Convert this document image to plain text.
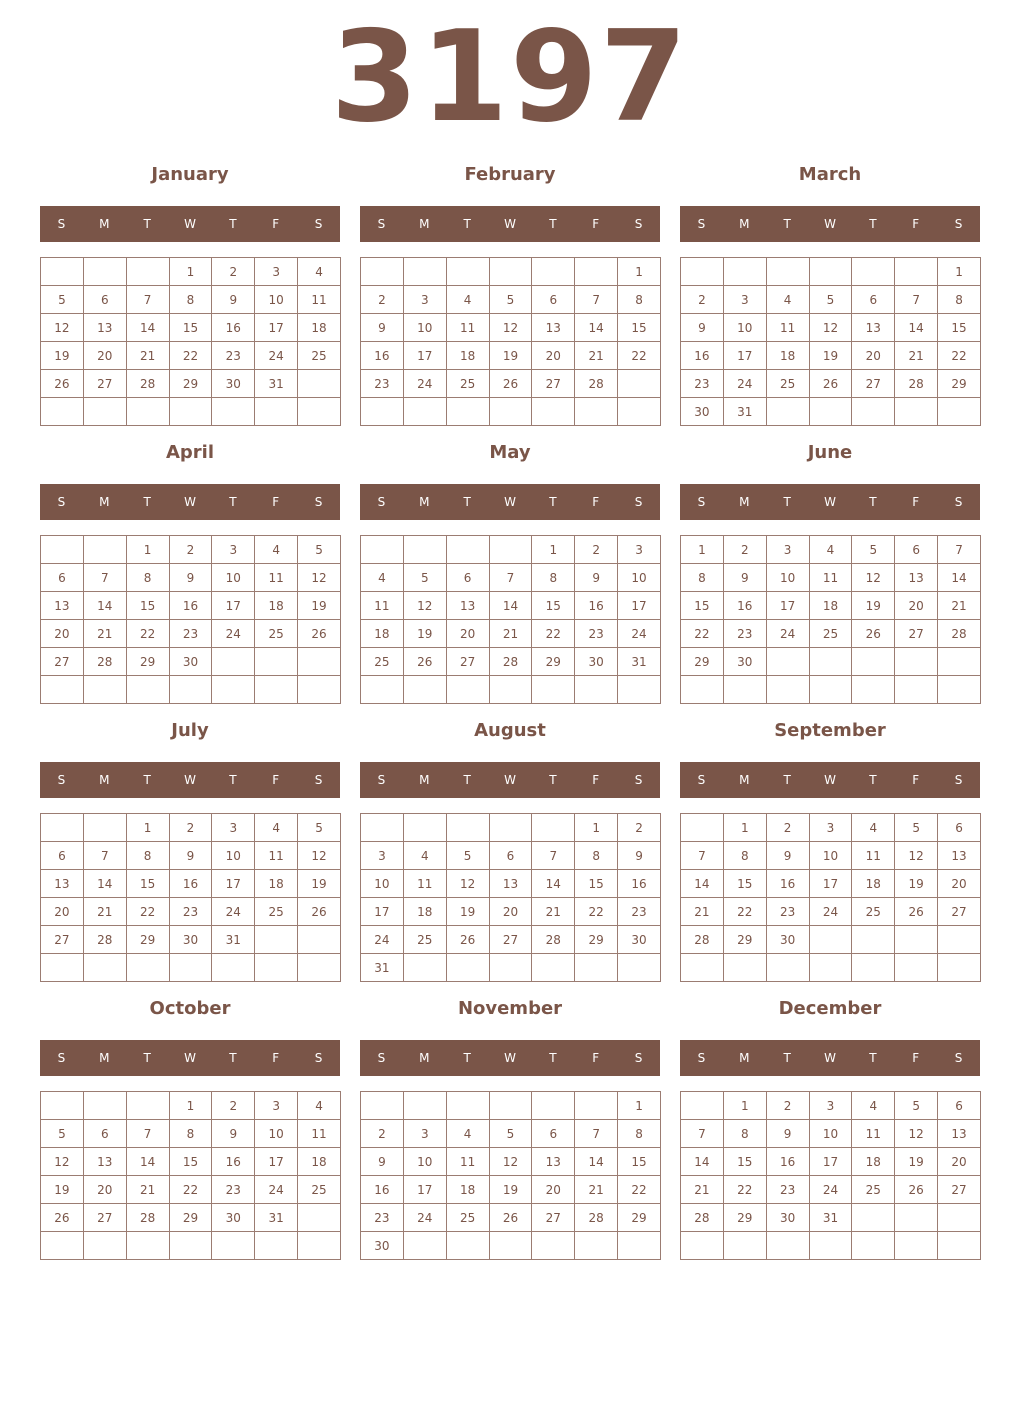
3197
January
S	M	T	W	T	F	S
			1	2	3	4
5	6	7	8	9	10	11
12	13	14	15	16	17	18
19	20	21	22	23	24	25
26	27	28	29	30	31	

February
S	M	T	W	T	F	S
						1
2	3	4	5	6	7	8
9	10	11	12	13	14	15
16	17	18	19	20	21	22
23	24	25	26	27	28	

March
S	M	T	W	T	F	S
						1
2	3	4	5	6	7	8
9	10	11	12	13	14	15
16	17	18	19	20	21	22
23	24	25	26	27	28	29
30	31					
April
S	M	T	W	T	F	S
		1	2	3	4	5
6	7	8	9	10	11	12
13	14	15	16	17	18	19
20	21	22	23	24	25	26
27	28	29	30			

May
S	M	T	W	T	F	S
				1	2	3
4	5	6	7	8	9	10
11	12	13	14	15	16	17
18	19	20	21	22	23	24
25	26	27	28	29	30	31

June
S	M	T	W	T	F	S
1	2	3	4	5	6	7
8	9	10	11	12	13	14
15	16	17	18	19	20	21
22	23	24	25	26	27	28
29	30					

July
S	M	T	W	T	F	S
		1	2	3	4	5
6	7	8	9	10	11	12
13	14	15	16	17	18	19
20	21	22	23	24	25	26
27	28	29	30	31		

August
S	M	T	W	T	F	S
					1	2
3	4	5	6	7	8	9
10	11	12	13	14	15	16
17	18	19	20	21	22	23
24	25	26	27	28	29	30
31						
September
S	M	T	W	T	F	S
	1	2	3	4	5	6
7	8	9	10	11	12	13
14	15	16	17	18	19	20
21	22	23	24	25	26	27
28	29	30				

October
S	M	T	W	T	F	S
			1	2	3	4
5	6	7	8	9	10	11
12	13	14	15	16	17	18
19	20	21	22	23	24	25
26	27	28	29	30	31	

November
S	M	T	W	T	F	S
						1
2	3	4	5	6	7	8
9	10	11	12	13	14	15
16	17	18	19	20	21	22
23	24	25	26	27	28	29
30						
December
S	M	T	W	T	F	S
	1	2	3	4	5	6
7	8	9	10	11	12	13
14	15	16	17	18	19	20
21	22	23	24	25	26	27
28	29	30	31			
